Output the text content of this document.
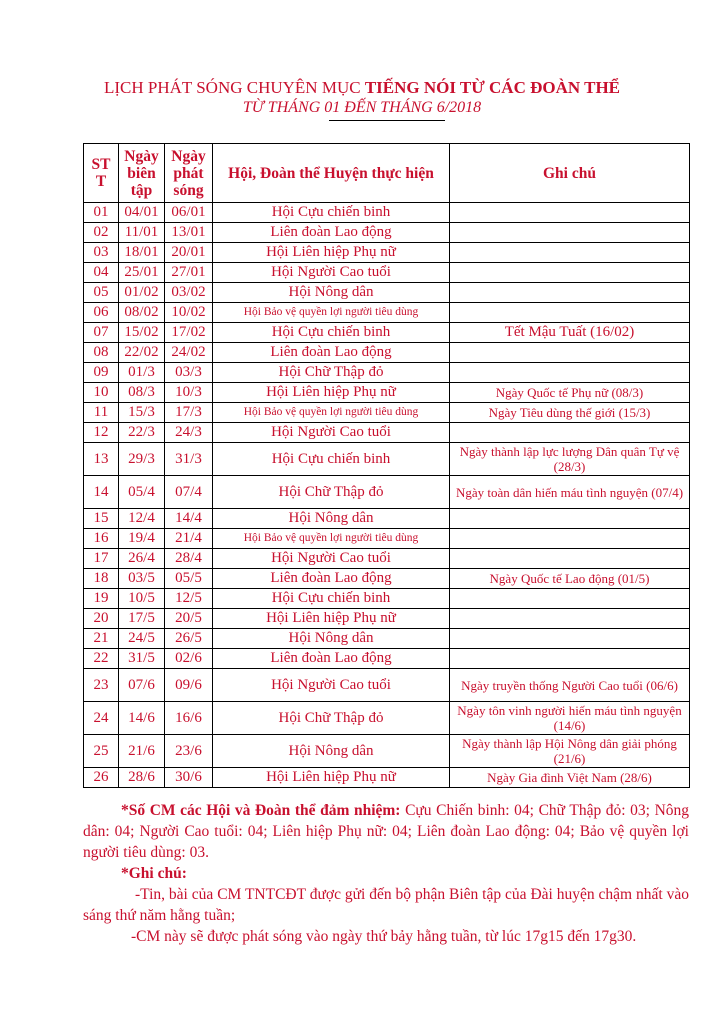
LỊCH PHÁT SÓNG CHUYÊN MỤC TIẾNG NÓI TỪ CÁC ĐOÀN THỂ
TỪ THÁNG 01 ĐẾN THÁNG 6/2018
ST T	Ngày biên tập	Ngày phát sóng	Hội, Đoàn thể Huyện thực hiện	Ghi chú
01	04/01	06/01	Hội Cựu chiến binh	
02	11/01	13/01	Liên đoàn Lao động	
03	18/01	20/01	Hội Liên hiệp Phụ nữ	
04	25/01	27/01	Hội Người Cao tuổi	
05	01/02	03/02	Hội Nông dân	
06	08/02	10/02	Hội Bảo vệ quyền lợi người tiêu dùng	
07	15/02	17/02	Hội Cựu chiến binh	Tết Mậu Tuất (16/02)
08	22/02	24/02	Liên đoàn Lao động	
09	01/3	03/3	Hội Chữ Thập đỏ	
10	08/3	10/3	Hội Liên hiệp Phụ nữ	Ngày Quốc tế Phụ nữ (08/3)
11	15/3	17/3	Hội Bảo vệ quyền lợi người tiêu dùng	Ngày Tiêu dùng thế giới (15/3)
12	22/3	24/3	Hội Người Cao tuổi	
13	29/3	31/3	Hội Cựu chiến binh	Ngày thành lập lực lượng Dân quân Tự vệ (28/3)
14	05/4	07/4	Hội Chữ Thập đỏ	Ngày toàn dân hiến máu tình nguyện (07/4)
15	12/4	14/4	Hội Nông dân	
16	19/4	21/4	Hội Bảo vệ quyền lợi người tiêu dùng	
17	26/4	28/4	Hội Người Cao tuổi	
18	03/5	05/5	Liên đoàn Lao động	Ngày Quốc tế Lao động (01/5)
19	10/5	12/5	Hội Cựu chiến binh	
20	17/5	20/5	Hội Liên hiệp Phụ nữ	
21	24/5	26/5	Hội Nông dân	
22	31/5	02/6	Liên đoàn Lao động	
23	07/6	09/6	Hội Người Cao tuổi	Ngày truyền thống Người Cao tuổi (06/6)
24	14/6	16/6	Hội Chữ Thập đỏ	Ngày tôn vinh người hiến máu tình nguyện (14/6)
25	21/6	23/6	Hội Nông dân	Ngày thành lập Hội Nông dân giải phóng (21/6)
26	28/6	30/6	Hội Liên hiệp Phụ nữ	Ngày Gia đình Việt Nam (28/6)

*Số CM các Hội và Đoàn thể đảm nhiệm: Cựu Chiến binh: 04; Chữ Thập đỏ: 03; Nông dân: 04; Người Cao tuổi: 04; Liên hiệp Phụ nữ: 04; Liên đoàn Lao động: 04; Bảo vệ quyền lợi người tiêu dùng: 03.

*Ghi chú:

-Tin, bài của CM TNTCĐT được gửi đến bộ phận Biên tập của Đài huyện chậm nhất vào sáng thứ năm hằng tuần;

-CM này sẽ được phát sóng vào ngày thứ bảy hằng tuần, từ lúc 17g15 đến 17g30.
